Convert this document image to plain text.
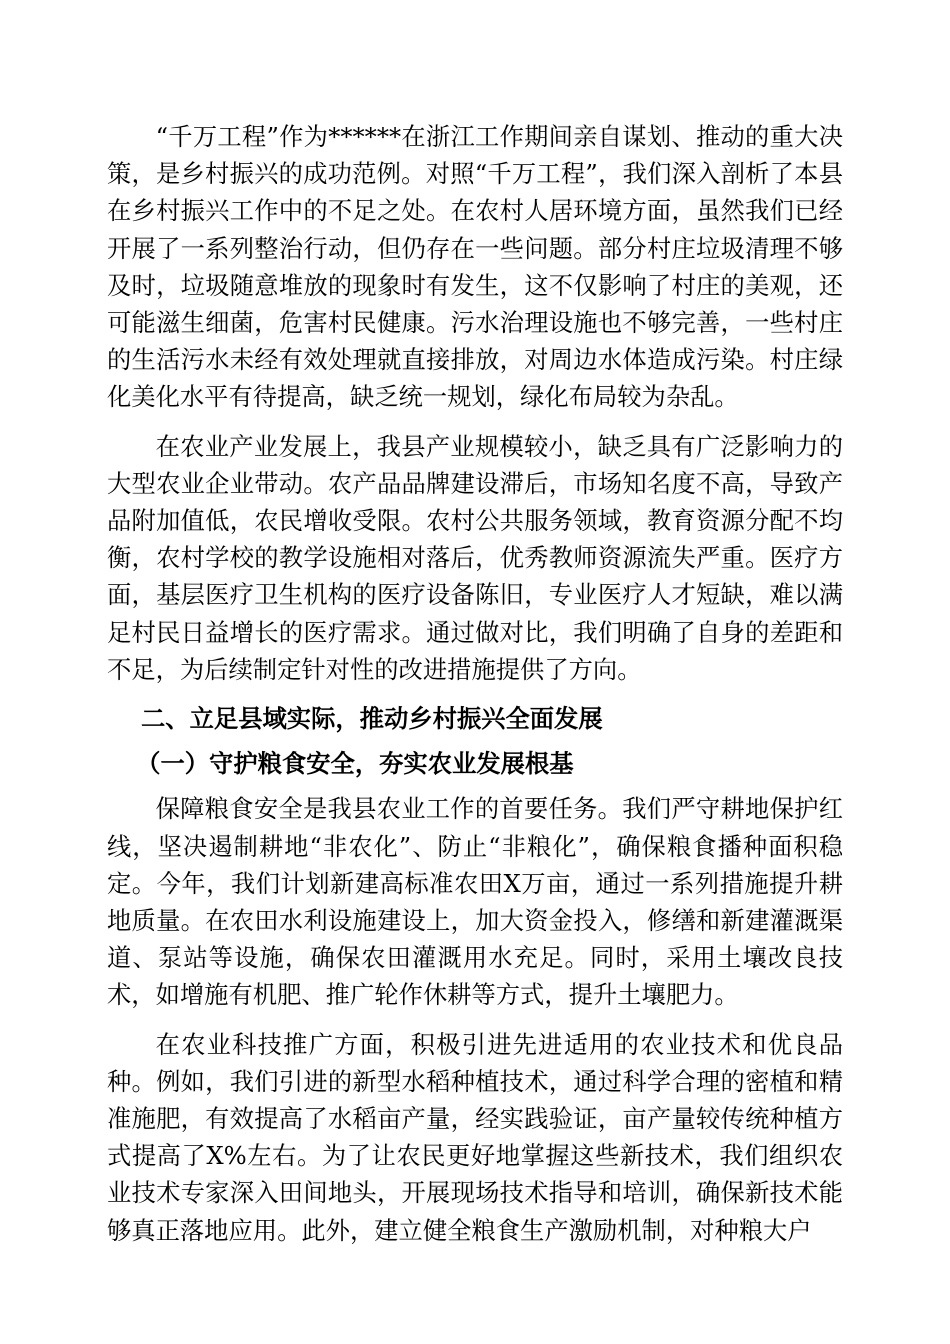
“千万工程”作为******在浙江工作期间亲自谋划、推动的重大决策，是乡村振兴的成功范例。对照“千万工程”，我们深入剖析了本县在乡村振兴工作中的不足之处。在农村人居环境方面，虽然我们已经开展了一系列整治行动，但仍存在一些问题。部分村庄垃圾清理不够及时，垃圾随意堆放的现象时有发生，这不仅影响了村庄的美观，还可能滋生细菌，危害村民健康。污水治理设施也不够完善，一些村庄的生活污水未经有效处理就直接排放，对周边水体造成污染。村庄绿化美化水平有待提高，缺乏统一规划，绿化布局较为杂乱。

在农业产业发展上，我县产业规模较小，缺乏具有广泛影响力的大型农业企业带动。农产品品牌建设滞后，市场知名度不高，导致产品附加值低，农民增收受限。农村公共服务领域，教育资源分配不均衡，农村学校的教学设施相对落后，优秀教师资源流失严重。医疗方面，基层医疗卫生机构的医疗设备陈旧，专业医疗人才短缺，难以满足村民日益增长的医疗需求。通过做对比，我们明确了自身的差距和不足，为后续制定针对性的改进措施提供了方向。

二、立足县域实际，推动乡村振兴全面发展

（一）守护粮食安全，夯实农业发展根基

保障粮食安全是我县农业工作的首要任务。我们严守耕地保护红线，坚决遏制耕地“非农化”、防止“非粮化”，确保粮食播种面积稳定。今年，我们计划新建高标准农田X万亩，通过一系列措施提升耕地质量。在农田水利设施建设上，加大资金投入，修缮和新建灌溉渠道、泵站等设施，确保农田灌溉用水充足。同时，采用土壤改良技术，如增施有机肥、推广轮作休耕等方式，提升土壤肥力。

在农业科技推广方面，积极引进先进适用的农业技术和优良品种。例如，我们引进的新型水稻种植技术，通过科学合理的密植和精准施肥，有效提高了水稻亩产量，经实践验证，亩产量较传统种植方式提高了X%左右。为了让农民更好地掌握这些新技术，我们组织农业技术专家深入田间地头，开展现场技术指导和培训，确保新技术能够真正落地应用。此外，建立健全粮食生产激励机制，对种粮大户
